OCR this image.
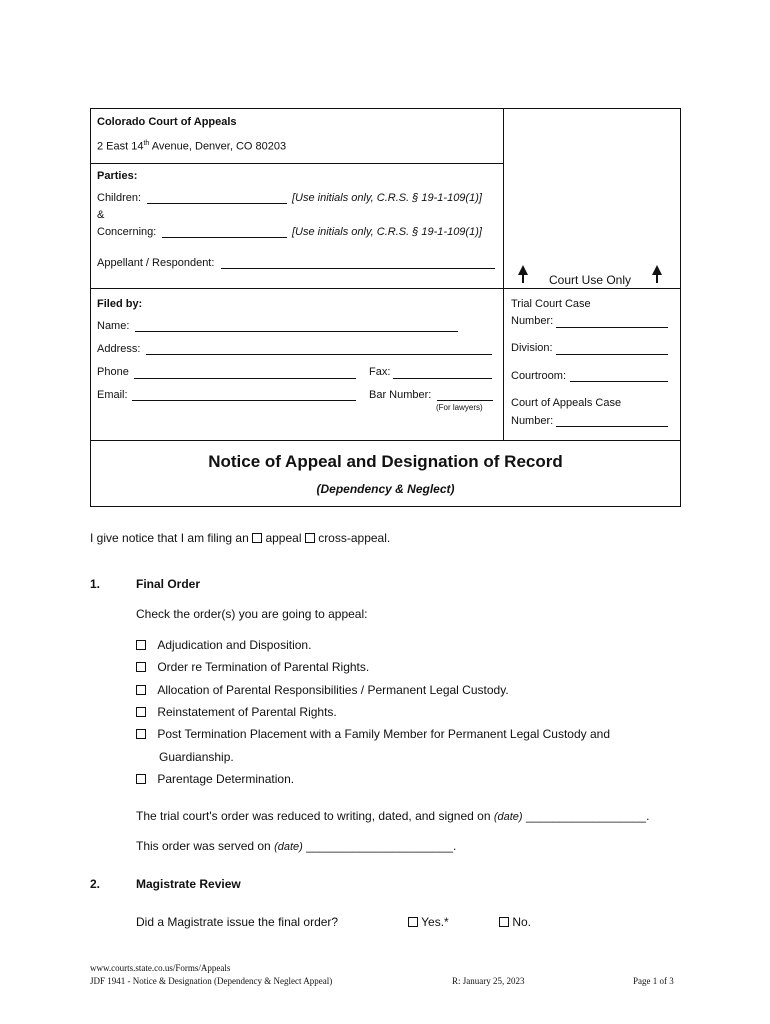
Colorado Court of Appeals
2 East 14th Avenue, Denver, CO 80203
Parties:
Children:	[Use initials only, C.R.S. § 19-1-109(1)]
&
Concerning:	[Use initials only, C.R.S. § 19-1-109(1)]
Appellant / Respondent:
Court Use Only
Filed by:
Name:
Address:
Phone	Fax:
Email:	Bar Number:
(For lawyers)
Trial Court Case
Number:
Division:
Courtroom:
Court of Appeals Case
Number:
Notice of Appeal and Designation of Record
(Dependency & Neglect)
I give notice that I am filing an appeal cross-appeal.
1.	Final Order
Check the order(s) you are going to appeal:
Adjudication and Disposition.
Order re Termination of Parental Rights.
Allocation of Parental Responsibilities / Permanent Legal Custody.
Reinstatement of Parental Rights.
Post Termination Placement with a Family Member for Permanent Legal Custody and
Guardianship.
Parentage Determination.
The trial court's order was reduced to writing, dated, and signed on (date) __________________.
This order was served on (date) ______________________.
2.	Magistrate Review
Did a Magistrate issue the final order?	Yes.*	No.
www.courts.state.co.us/Forms/Appeals
JDF 1941 - Notice & Designation (Dependency & Neglect Appeal)	R: January 25, 2023	Page 1 of 3
